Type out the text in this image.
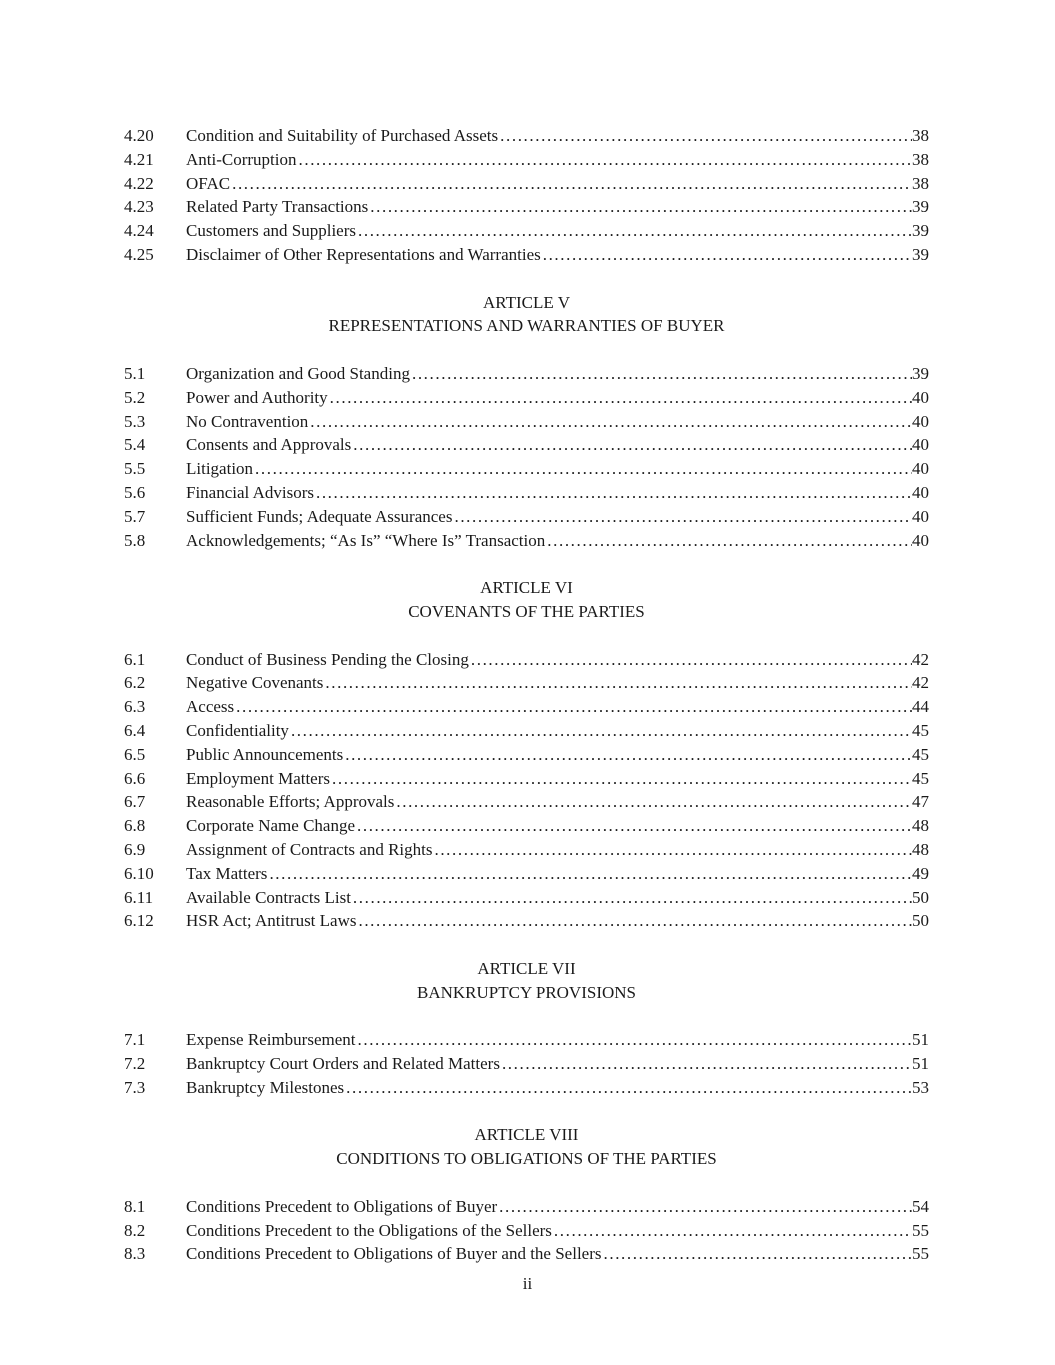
4.20	Condition and Suitability of Purchased Assets .....	38
4.21	Anti-Corruption .....	38
4.22	OFAC .....	38
4.23	Related Party Transactions .....	39
4.24	Customers and Suppliers .....	39
4.25	Disclaimer of Other Representations and Warranties .....	39
ARTICLE V
REPRESENTATIONS AND WARRANTIES OF BUYER
5.1	Organization and Good Standing .....	39
5.2	Power and Authority .....	40
5.3	No Contravention .....	40
5.4	Consents and Approvals .....	40
5.5	Litigation .....	40
5.6	Financial Advisors .....	40
5.7	Sufficient Funds; Adequate Assurances .....	40
5.8	Acknowledgements; “As Is” “Where Is” Transaction .....	40
ARTICLE VI
COVENANTS OF THE PARTIES
6.1	Conduct of Business Pending the Closing .....	42
6.2	Negative Covenants .....	42
6.3	Access .....	44
6.4	Confidentiality .....	45
6.5	Public Announcements .....	45
6.6	Employment Matters .....	45
6.7	Reasonable Efforts; Approvals .....	47
6.8	Corporate Name Change .....	48
6.9	Assignment of Contracts and Rights .....	48
6.10	Tax Matters .....	49
6.11	Available Contracts List .....	50
6.12	HSR Act; Antitrust Laws .....	50
ARTICLE VII
BANKRUPTCY PROVISIONS
7.1	Expense Reimbursement .....	51
7.2	Bankruptcy Court Orders and Related Matters .....	51
7.3	Bankruptcy Milestones .....	53
ARTICLE VIII
CONDITIONS TO OBLIGATIONS OF THE PARTIES
8.1	Conditions Precedent to Obligations of Buyer .....	54
8.2	Conditions Precedent to the Obligations of the Sellers .....	55
8.3	Conditions Precedent to Obligations of Buyer and the Sellers .....	55
ii
